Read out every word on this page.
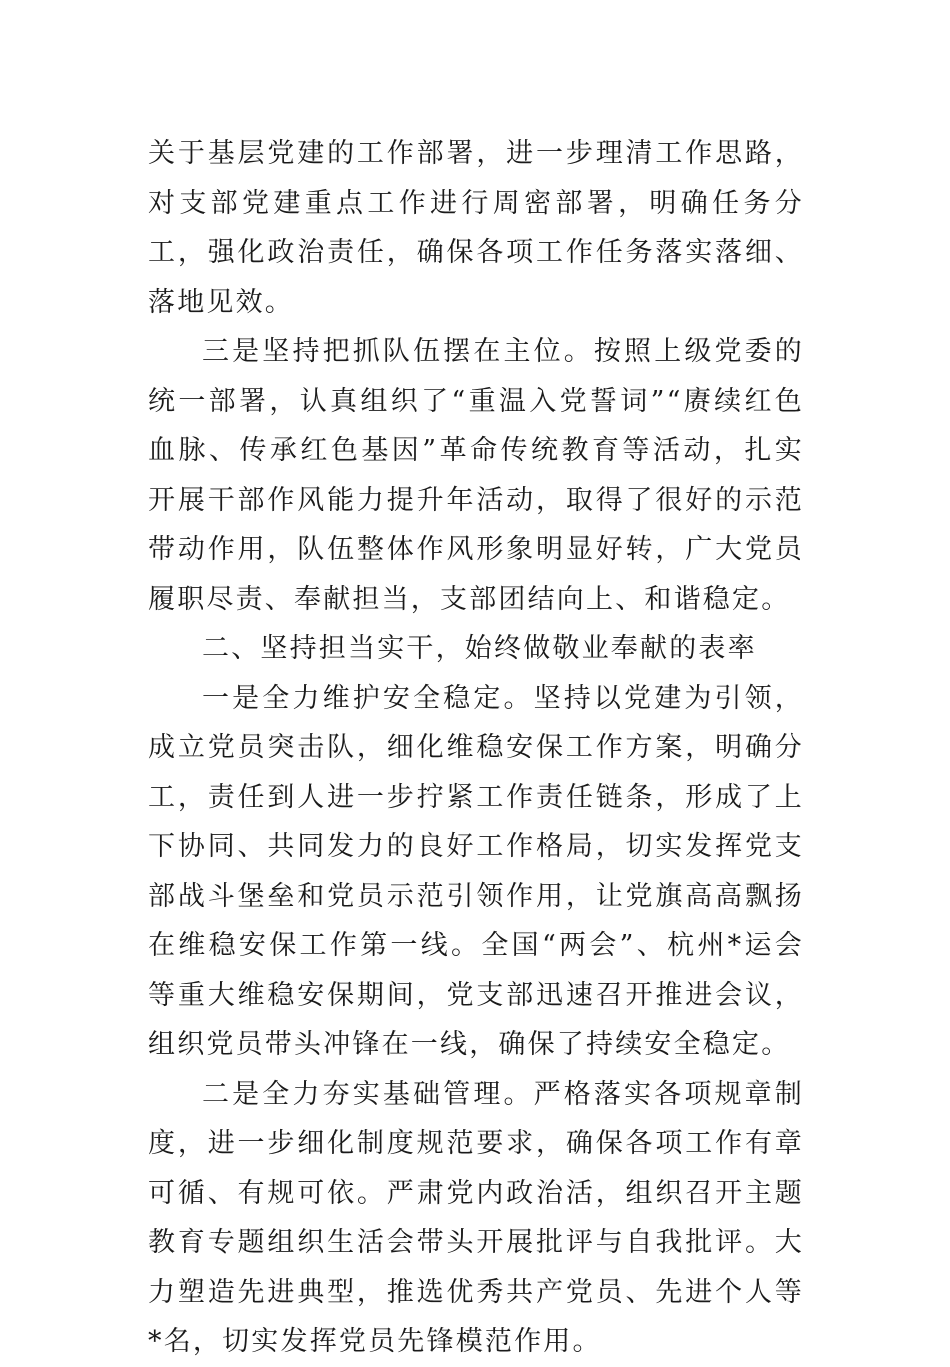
关于基层党建的工作部署，进一步理清工作思路，对支部党建重点工作进行周密部署，明确任务分工，强化政治责任，确保各项工作任务落实落细、落地见效。

三是坚持把抓队伍摆在主位。按照上级党委的统一部署，认真组织了“重温入党誓词”“赓续红色血脉、传承红色基因”革命传统教育等活动，扎实开展干部作风能力提升年活动，取得了很好的示范带动作用，队伍整体作风形象明显好转，广大党员履职尽责、奉献担当，支部团结向上、和谐稳定。

二、坚持担当实干，始终做敬业奉献的表率

一是全力维护安全稳定。坚持以党建为引领，成立党员突击队，细化维稳安保工作方案，明确分工，责任到人进一步拧紧工作责任链条，形成了上下协同、共同发力的良好工作格局，切实发挥党支部战斗堡垒和党员示范引领作用，让党旗高高飘扬在维稳安保工作第一线。全国“两会”、杭州*运会等重大维稳安保期间，党支部迅速召开推进会议，组织党员带头冲锋在一线，确保了持续安全稳定。

二是全力夯实基础管理。严格落实各项规章制度，进一步细化制度规范要求，确保各项工作有章可循、有规可依。严肃党内政治活，组织召开主题教育专题组织生活会带头开展批评与自我批评。大力塑造先进典型，推选优秀共产党员、先进个人等*名，切实发挥党员先锋模范作用。
